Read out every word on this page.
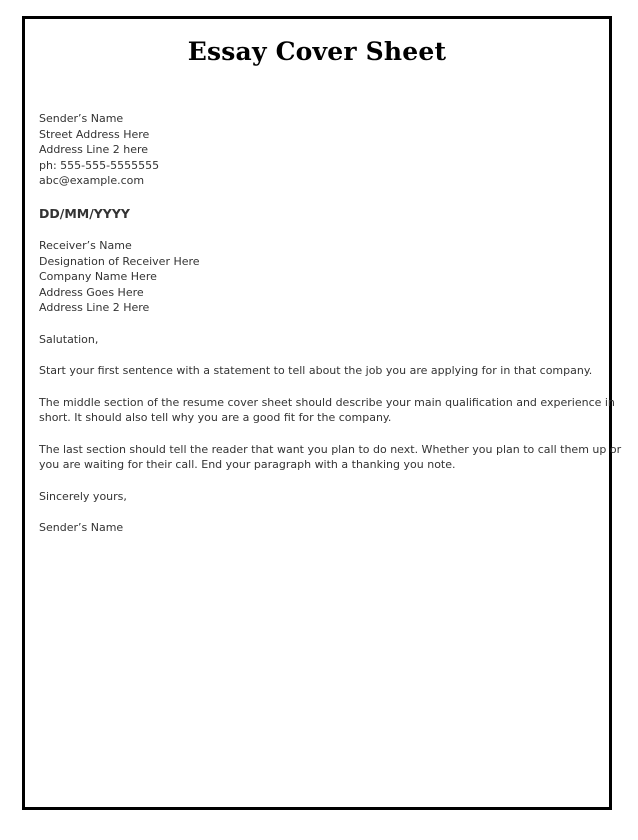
Essay Cover Sheet
Sender’s Name
Street Address Here
Address Line 2 here
ph: 555-555-5555555
abc@example.com
DD/MM/YYYY
Receiver’s Name
Designation of Receiver Here
Company Name Here
Address Goes Here
Address Line 2 Here
Salutation,
Start your first sentence with a statement to tell about the job you are applying for in that company.
The middle section of the resume cover sheet should describe your main qualification and experience in
short. It should also tell why you are a good fit for the company.
The last section should tell the reader that want you plan to do next. Whether you plan to call them up or
you are waiting for their call. End your paragraph with a thanking you note.
Sincerely yours,
Sender’s Name
